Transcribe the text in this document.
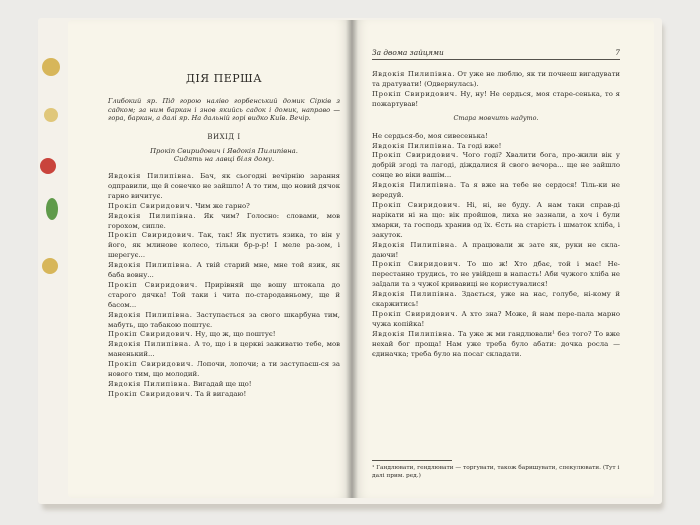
ДІЯ ПЕРША

Глибокий яр. Під горою наліво горбенський домик Сірків з садком; за ним баркан і знов якийсь садок і домик, направо — гора, баркан, а далі яр. На дальній горі видко Київ. Вечір.

ВИХІД І
Прокіп Свиридович і Явдокія Пилипівна.
Сидять на лавці біля дому.

Явдокія Пилипівна. Бач, як сьогодні вечірнію зарання одправили, ще й сонечко не зайшло! А то тим, що новий дячок гарно вичитує.

Прокіп Свиридович. Чим же гарно?

Явдокія Пилипівна. Як чим? Голосно: словами, мов горохом, сипле.

Прокіп Свиридович. Так, так! Як пустить язика, то він у його, як млинове колесо, тільки бр-р-р! І меле ра-зом, і шерегує...

Явдокія Пилипівна. А твій старий мнe, мне той язик, як баба вовну...

Прокіп Свиридович. Прирівняй ще вошу штокала до старого дячка! Той таки і чита по-стародавньому, ще й басом...

Явдокія Пилипівна. Заступається за свого шкарбуна тим, мабуть, що табакою поштує.

Прокіп Свиридович. Ну, що ж, що поштує!

Явдокія Пилипівна. А то, що і в церкві заживатю тебе, мов маненький...

Прокіп Свиридович. Лопочи, лопочи; а ти заступаєш-ся за нового тим, що молодий.

Явдокія Пилипівна. Вигадай ще що!

Прокіп Свиридович. Та й вигадаю!

За двома зайцями	7

Явдокія Пилипівна. От уже не люблю, як ти почнеш вигадувати та дратувати! (Одвернулась).

Прокіп Свиридович. Ну, ну! Не сердься, моя старе-сенька, то я пожартував!

Стара мовчить надуто.

Не сердься-бо, моя сивесенька!

Явдокія Пилипівна. Та годі вже!

Прокіп Свиридович. Чого годі? Хвалити бога, про-жили вік у добрій згоді та лагоді, діждалися й свого вечора... ще не зайшло сонце во віки вашім...

Явдокія Пилипівна. Та я вже на тебе не сердося! Тіль-ки не вередуй.

Прокіп Свиридович. Ні, ні, не буду. А нам таки справ-ді нарікати ні на що: вік пройшов, лиха не зазнали, а хоч і були хмарки, та господь хранив од їх. Єсть на старість і шматок хліба, і закуток.

Явдокія Пилипівна. А працювали ж зате як, руки не скла-даючи!

Прокіп Свиридович. То шо ж! Хто дбає, той і має! Не-перестанно трудись, то не увійдеш в напасть! Аби чужого хліба не заїдали та з чужої кривавиці не користувалися!

Явдокія Пилипівна. Здається, уже на нас, голубе, ні-кому й скаржитись!

Прокіп Свиридович. А хто зна? Може, й нам пере-пала марно чужа копійка!

Явдокія Пилипівна. Та уже ж ми гандлювали¹ без того? То вже нехай бог проща! Нам уже треба було абати: дочка росла — єдиначка; треба було на посаг складати.

¹ Гандлювати, гендлювати — торгувати, також баришувати, спекулювати. (Тут і далі прим. ред.)
